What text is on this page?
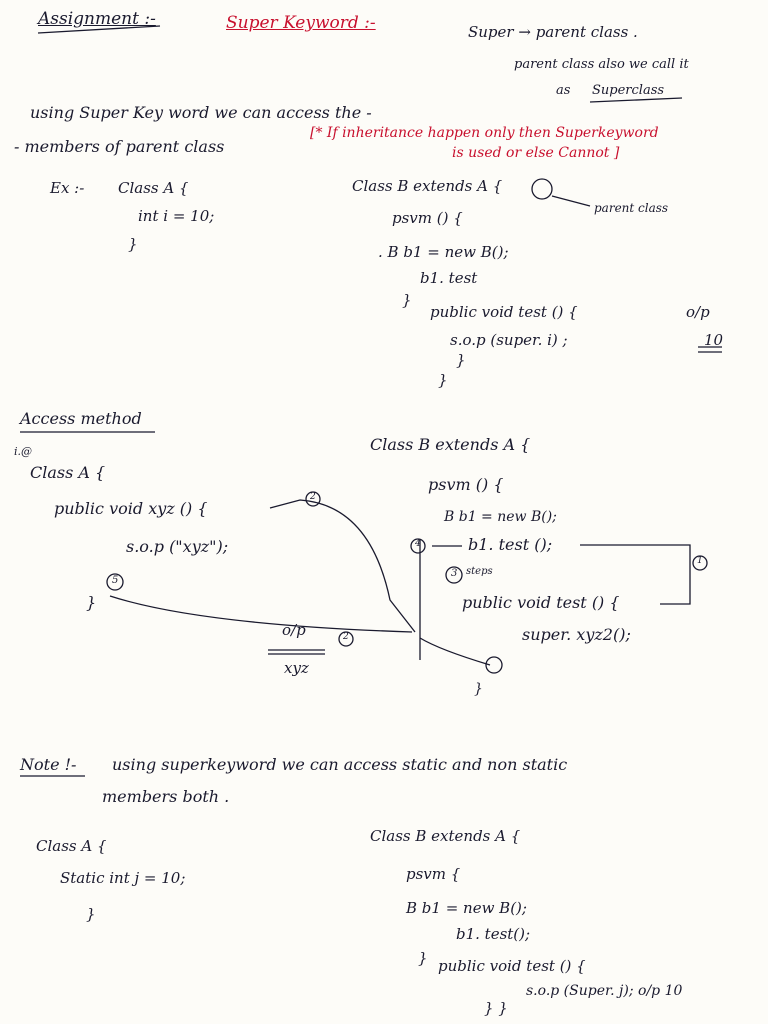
Assignment :-	Super Keyword :-	Super → parent class .
parent class also we call it
as Superclass
using Super Key word we can access the -
- members of parent class
[* If inheritance happen only then Superkeyword
is used or else Cannot ]
Ex :- Class A {
int i = 10;
}
Class B extends A {
parent class
psvm () {
. B b1 = new B();
b1. test
}
public void test () {
s.o.p (super. i) ;
}
}
o/p
10
Access method
i.@
Class A {
public void xyz () {
s.o.p ("xyz");
}
Class B extends A {
psvm () {
B b1 = new B();
b1. test ();
public void test () {
super. xyz2();
}
steps
1
2
3
4
5
2
o/p
xyz
Note !- using superkeyword we can access static and non static
members both .
Class A {
Static int j = 10;
}
Class B extends A {
psvm {
B b1 = new B();
b1. test();
} public void test () {
s.o.p (Super. j); o/p 10
} }
